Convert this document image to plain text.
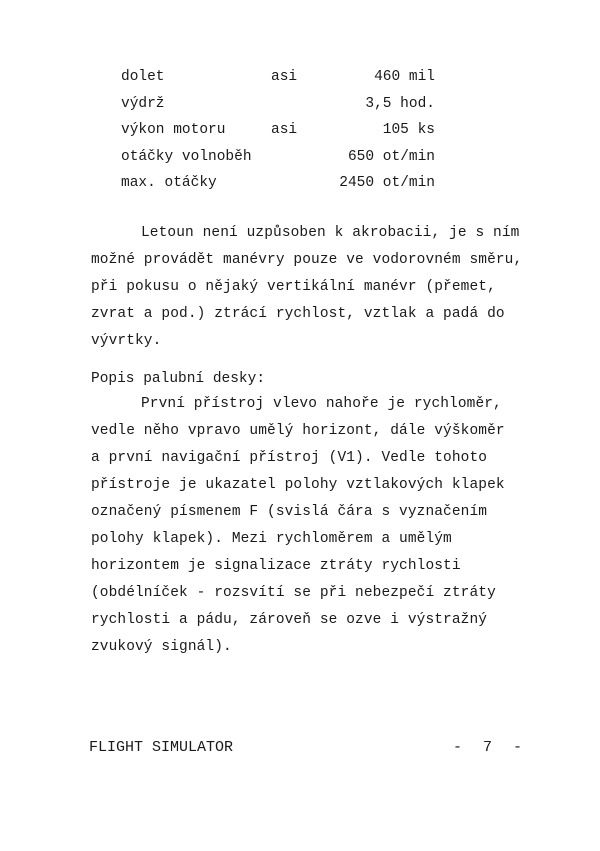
dolet	asi	460 mil
výdrž	3,5 hod.
výkon motoru	asi	105 ks
otáčky volnoběh	650 ot/min
max. otáčky	2450 ot/min
Letoun není uzpůsoben k akrobacii, je s ním
možné provádět manévry pouze ve vodorovném směru,
při pokusu o nějaký vertikální manévr (přemet,
zvrat a pod.) ztrácí rychlost, vztlak a padá do
vývrtky.
Popis palubní desky:
První přístroj vlevo nahoře je rychloměr,
vedle něho vpravo umělý horizont, dále výškoměr
a první navigační přístroj (V1). Vedle tohoto
přístroje je ukazatel polohy vztlakových klapek
označený písmenem F (svislá čára s vyznačením
polohy klapek). Mezi rychloměrem a umělým
horizontem je signalizace ztráty rychlosti
(obdélníček - rozsvítí se při nebezpečí ztráty
rychlosti a pádu, zároveň se ozve i výstražný
zvukový signál).
FLIGHT SIMULATOR	- 7 -
